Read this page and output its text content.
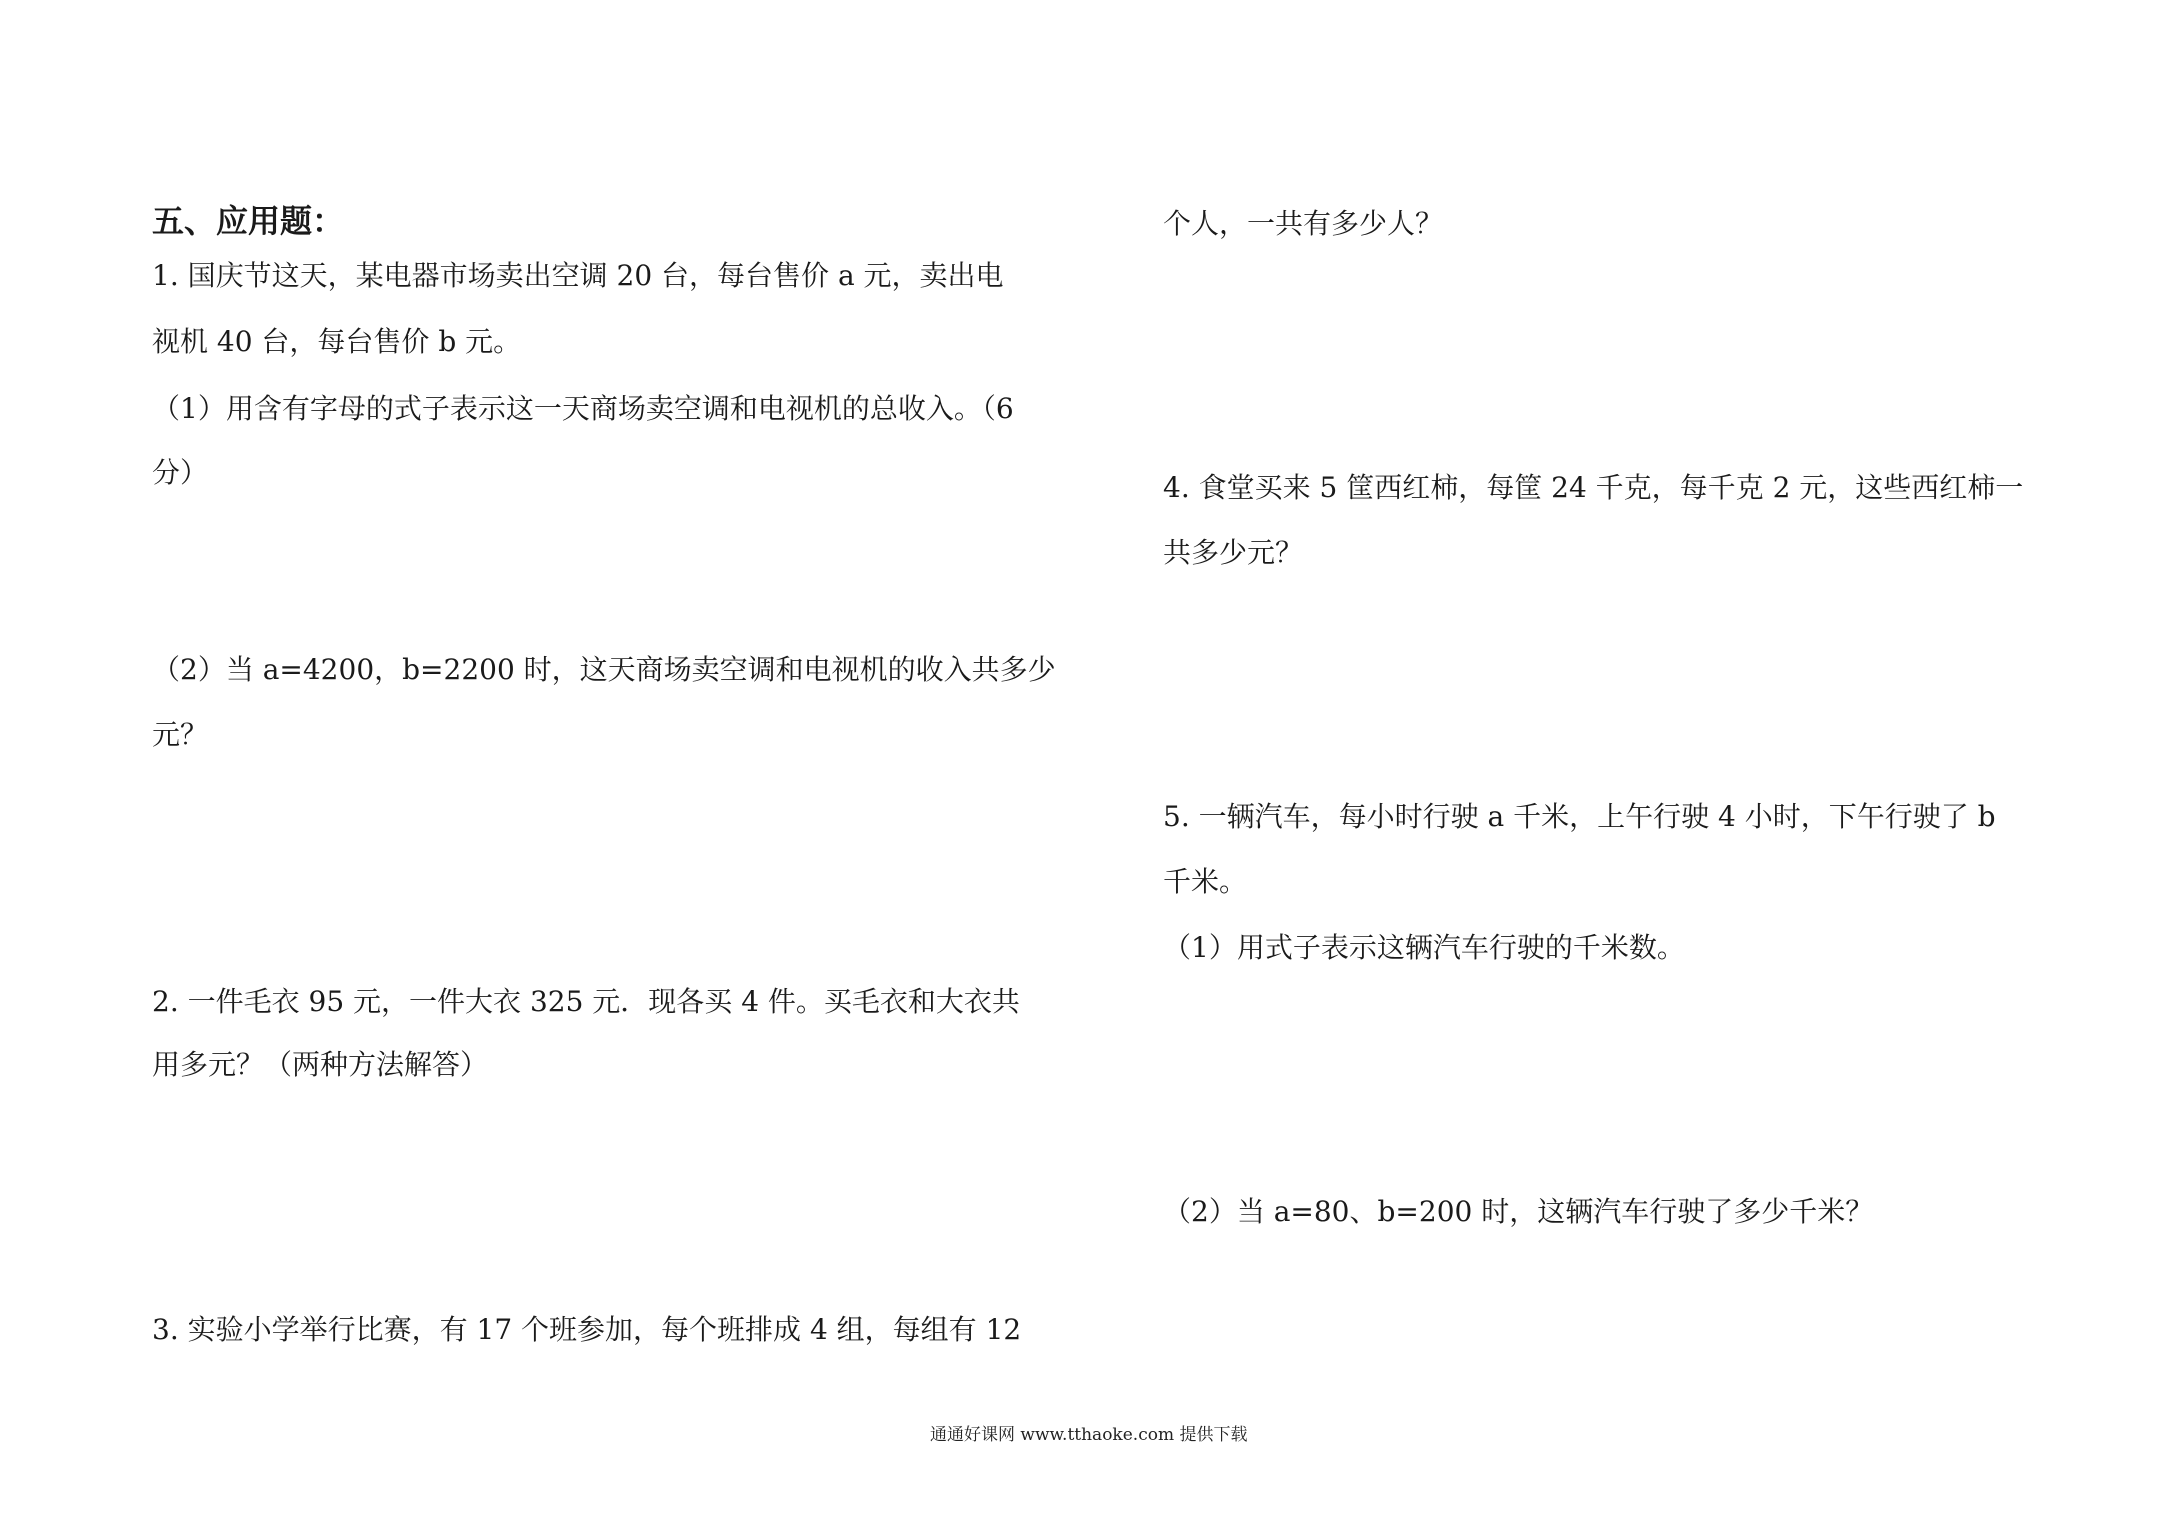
五、应用题：
1. 国庆节这天，某电器市场卖出空调 20 台，每台售价 a 元，卖出电
视机 40 台，每台售价 b 元。
（1）用含有字母的式子表示这一天商场卖空调和电视机的总收入。（6
分）
（2）当 a=4200，b=2200 时，这天商场卖空调和电视机的收入共多少
元？
2. 一件毛衣 95 元，一件大衣 325 元．现各买 4 件。买毛衣和大衣共
用多元？（两种方法解答）
3. 实验小学举行比赛，有 17 个班参加，每个班排成 4 组，每组有 12
个人，一共有多少人？
4. 食堂买来 5 筐西红柿，每筐 24 千克，每千克 2 元，这些西红柿一
共多少元？
5. 一辆汽车，每小时行驶 a 千米，上午行驶 4 小时，下午行驶了 b
千米。
（1）用式子表示这辆汽车行驶的千米数。
（2）当 a=80、b=200 时，这辆汽车行驶了多少千米？
通通好课网 www.tthaoke.com 提供下载
